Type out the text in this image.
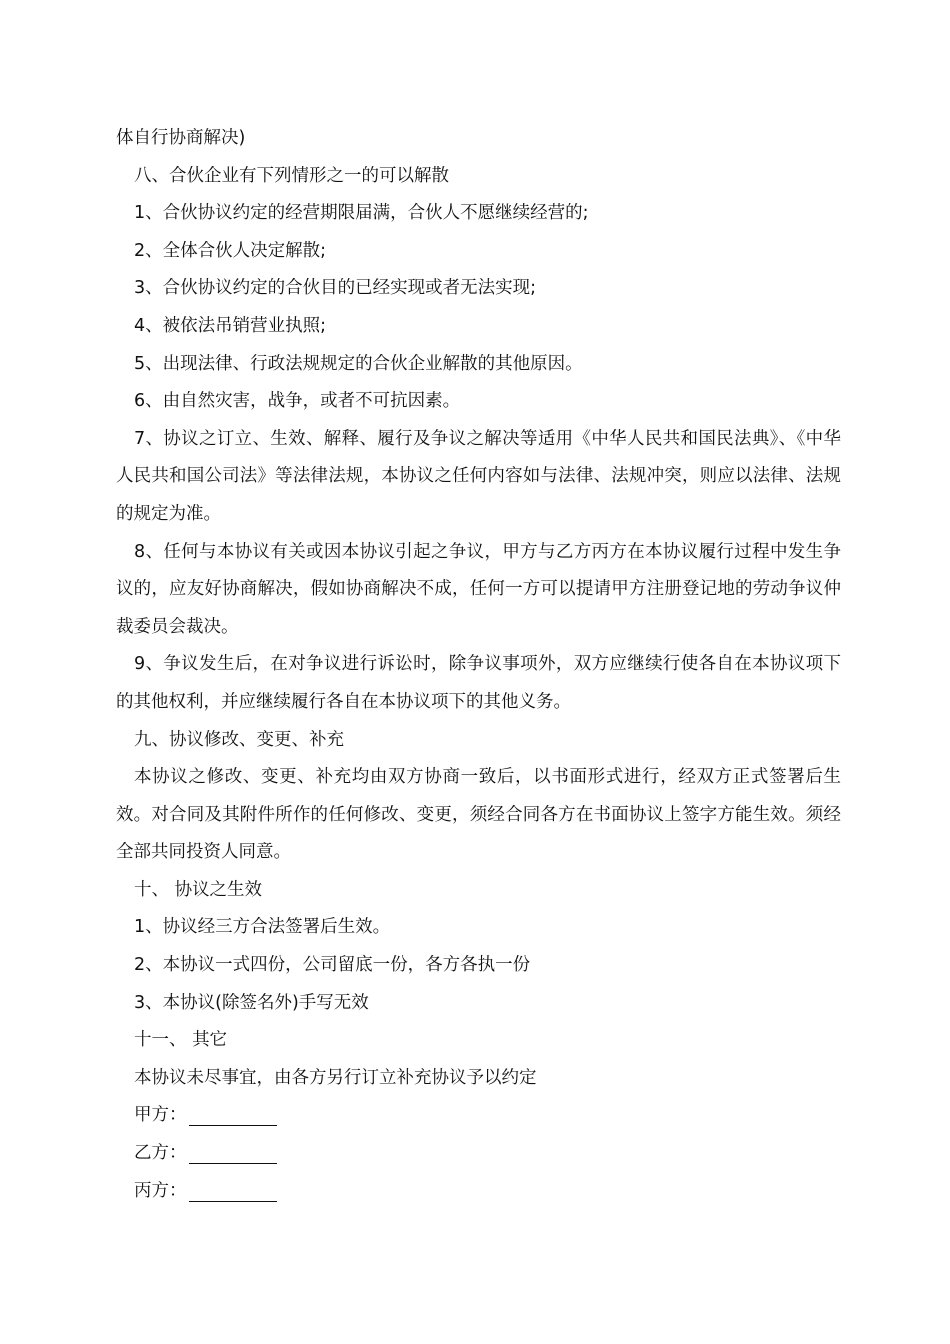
体自行协商解决)

八、合伙企业有下列情形之一的可以解散

1、合伙协议约定的经营期限届满，合伙人不愿继续经营的;

2、全体合伙人决定解散;

3、合伙协议约定的合伙目的已经实现或者无法实现;

4、被依法吊销营业执照;

5、出现法律、行政法规规定的合伙企业解散的其他原因。

6、由自然灾害，战争，或者不可抗因素。

7、协议之订立、生效、解释、履行及争议之解决等适用《中华人民共和国民法典》、《中华人民共和国公司法》等法律法规，本协议之任何内容如与法律、法规冲突，则应以法律、法规的规定为准。

8、任何与本协议有关或因本协议引起之争议，甲方与乙方丙方在本协议履行过程中发生争议的，应友好协商解决，假如协商解决不成，任何一方可以提请甲方注册登记地的劳动争议仲裁委员会裁决。

9、争议发生后，在对争议进行诉讼时，除争议事项外，双方应继续行使各自在本协议项下的其他权利，并应继续履行各自在本协议项下的其他义务。

九、协议修改、变更、补充

本协议之修改、变更、补充均由双方协商一致后，以书面形式进行，经双方正式签署后生效。对合同及其附件所作的任何修改、变更，须经合同各方在书面协议上签字方能生效。须经全部共同投资人同意。

十、 协议之生效

1、协议经三方合法签署后生效。

2、本协议一式四份，公司留底一份，各方各执一份

3、本协议(除签名外)手写无效

十一、 其它

本协议未尽事宜，由各方另行订立补充协议予以约定

甲方：

乙方：

丙方：
